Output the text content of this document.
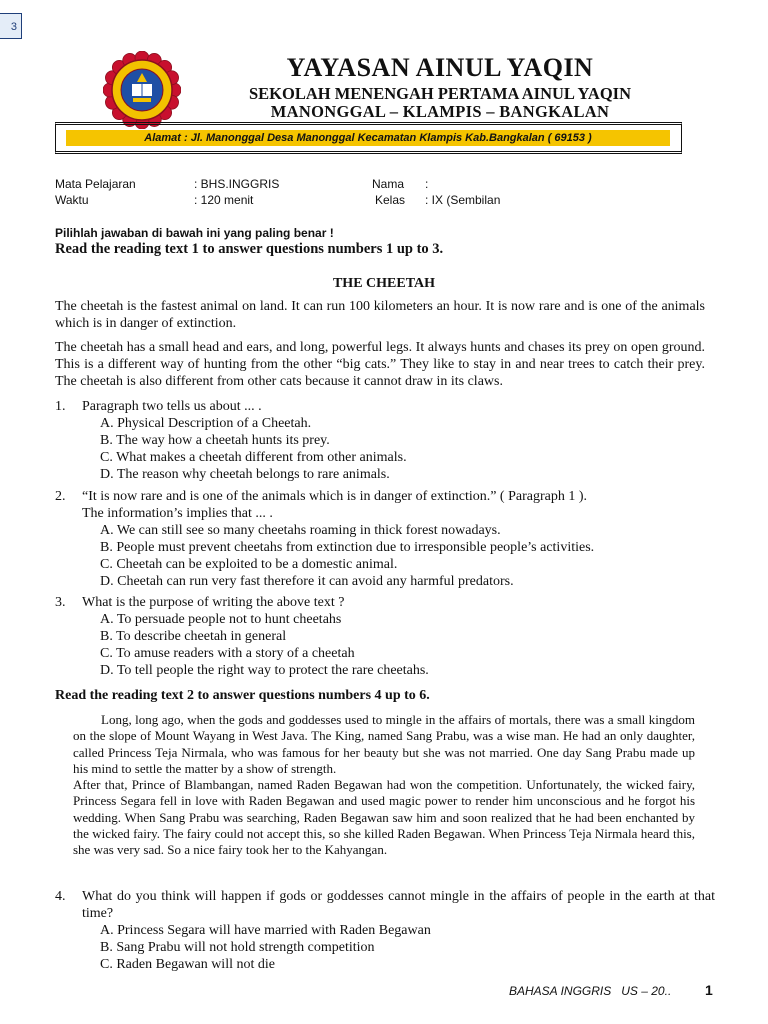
3
YAYASAN AINUL YAQIN
SEKOLAH MENENGAH PERTAMA AINUL YAQIN
MANONGGAL – KLAMPIS – BANGKALAN
Alamat : Jl. Manonggal Desa Manonggal Kecamatan Klampis Kab.Bangkalan ( 69153 )
Mata Pelajaran	: BHS.INGGRIS	Nama :
Waktu	: 120 menit	Kelas : IX (Sembilan
Pilihlah jawaban di bawah ini yang paling benar !
Read the reading text 1 to answer questions numbers 1 up to 3.
THE CHEETAH
The cheetah is the fastest animal on land. It can run 100 kilometers an hour. It is now rare and is one of the animals which is in danger of extinction.
The cheetah has a small head and ears, and long, powerful legs. It always hunts and chases its prey on open ground. This is a different way of hunting from the other “big cats.” They like to stay in and near trees to catch their prey. The cheetah is also different from other cats because it cannot draw in its claws.
1. Paragraph two tells us about ... .
A. Physical Description of a Cheetah.
B. The way how a cheetah hunts its prey.
C. What makes a cheetah different from other animals.
D. The reason why cheetah belongs to rare animals.
2. “It is now rare and is one of the animals which is in danger of extinction.” ( Paragraph 1 ).
The information’s implies that ... .
A. We can still see so many cheetahs roaming in thick forest nowadays.
B. People must prevent cheetahs from extinction due to irresponsible people’s activities.
C. Cheetah can be exploited to be a domestic animal.
D. Cheetah can run very fast therefore it can avoid any harmful predators.
3. What is the purpose of writing the above text ?
A. To persuade people not to hunt cheetahs
B. To describe cheetah in general
C. To amuse readers with a story of a cheetah
D. To tell people the right way to protect the rare cheetahs.
Read the reading text 2 to answer questions numbers 4 up to 6.
Long, long ago, when the gods and goddesses used to mingle in the affairs of mortals, there was a small kingdom on the slope of Mount Wayang in West Java. The King, named Sang Prabu, was a wise man. He had an only daughter, called Princess Teja Nirmala, who was famous for her beauty but she was not married. One day Sang Prabu made up his mind to settle the matter by a show of strength.
After that, Prince of Blambangan, named Raden Begawan had won the competition. Unfortunately, the wicked fairy, Princess Segara fell in love with Raden Begawan and used magic power to render him unconscious and he forgot his wedding. When Sang Prabu was searching, Raden Begawan saw him and soon realized that he had been enchanted by the wicked fairy. The fairy could not accept this, so she killed Raden Begawan. When Princess Teja Nirmala heard this, she was very sad. So a nice fairy took her to the Kahyangan.
4. What do you think will happen if gods or goddesses cannot mingle in the affairs of people in the earth at that time?
A. Princess Segara will have married with Raden Begawan
B. Sang Prabu will not hold strength competition
C. Raden Begawan will not die
BAHASA INGGRIS   US – 20.. 1
